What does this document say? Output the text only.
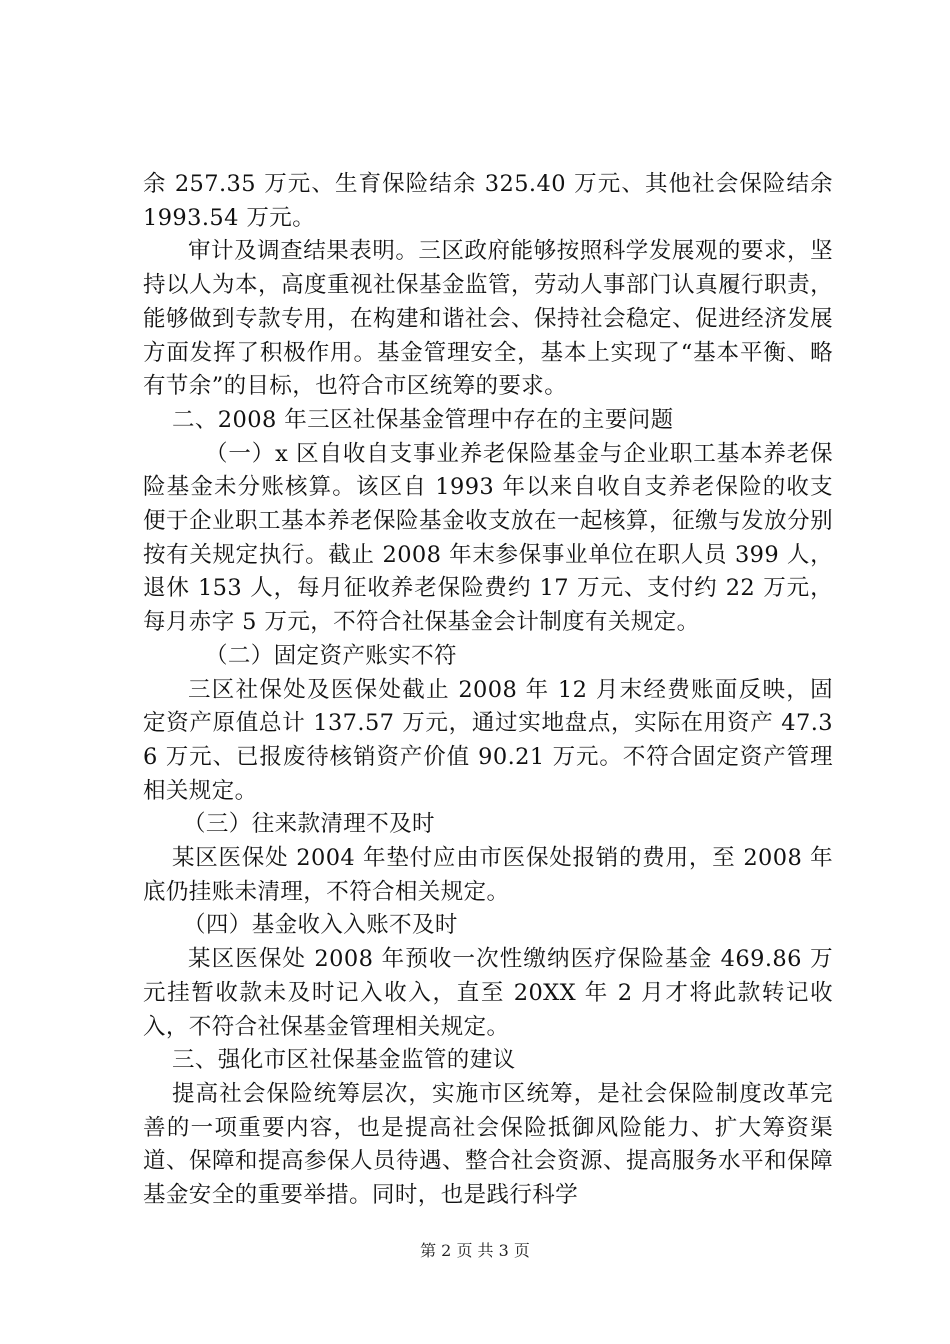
余 257.35 万元、生育保险结余 325.40 万元、其他社会保险结余 1993.54 万元。

审计及调查结果表明。三区政府能够按照科学发展观的要求，坚持以人为本，高度重视社保基金监管，劳动人事部门认真履行职责，能够做到专款专用，在构建和谐社会、保持社会稳定、促进经济发展方面发挥了积极作用。基金管理安全，基本上实现了“基本平衡、略有节余”的目标，也符合市区统筹的要求。

二、2008 年三区社保基金管理中存在的主要问题

（一）x 区自收自支事业养老保险基金与企业职工基本养老保险基金未分账核算。该区自 1993 年以来自收自支养老保险的收支便于企业职工基本养老保险基金收支放在一起核算，征缴与发放分别按有关规定执行。截止 2008 年末参保事业单位在职人员 399 人，退休 153 人，每月征收养老保险费约 17 万元、支付约 22 万元，每月赤字 5 万元，不符合社保基金会计制度有关规定。

（二）固定资产账实不符

三区社保处及医保处截止 2008 年 12 月末经费账面反映，固定资产原值总计 137.57 万元，通过实地盘点，实际在用资产 47.36 万元、已报废待核销资产价值 90.21 万元。不符合固定资产管理相关规定。

（三）往来款清理不及时

某区医保处 2004 年垫付应由市医保处报销的费用，至 2008 年底仍挂账未清理，不符合相关规定。

（四）基金收入入账不及时

某区医保处 2008 年预收一次性缴纳医疗保险基金 469.86 万元挂暂收款未及时记入收入，直至 20XX 年 2 月才将此款转记收入，不符合社保基金管理相关规定。

三、强化市区社保基金监管的建议

提高社会保险统筹层次，实施市区统筹，是社会保险制度改革完善的一项重要内容，也是提高社会保险抵御风险能力、扩大筹资渠道、保障和提高参保人员待遇、整合社会资源、提高服务水平和保障基金安全的重要举措。同时，也是践行科学

第 2 页 共 3 页
